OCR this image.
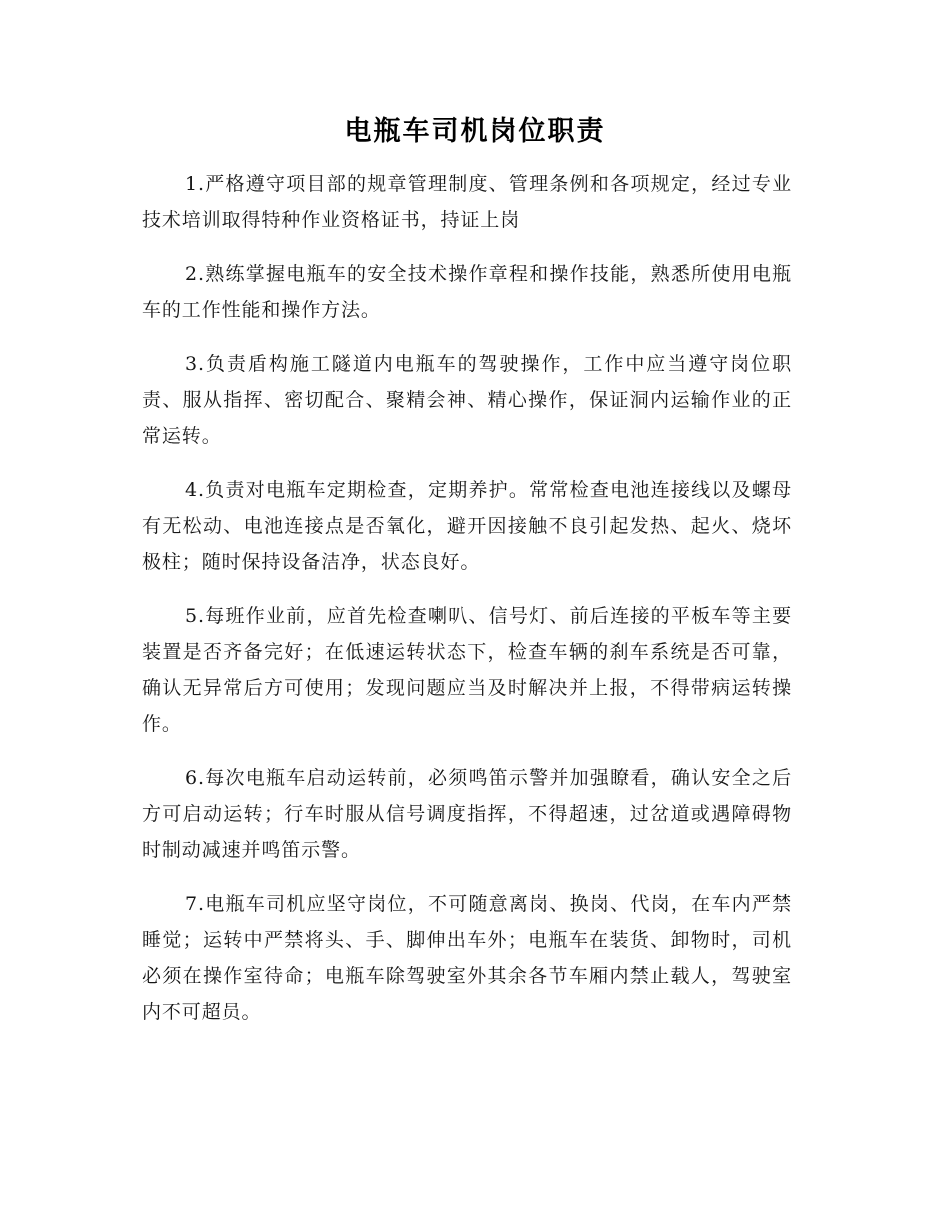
电瓶车司机岗位职责

1.严格遵守项目部的规章管理制度、管理条例和各项规定，经过专业技术培训取得特种作业资格证书，持证上岗

2.熟练掌握电瓶车的安全技术操作章程和操作技能，熟悉所使用电瓶车的工作性能和操作方法。

3.负责盾构施工隧道内电瓶车的驾驶操作，工作中应当遵守岗位职责、服从指挥、密切配合、聚精会神、精心操作，保证洞内运输作业的正常运转。

4.负责对电瓶车定期检查，定期养护。常常检查电池连接线以及螺母有无松动、电池连接点是否氧化，避开因接触不良引起发热、起火、烧坏极柱；随时保持设备洁净，状态良好。

5.每班作业前，应首先检查喇叭、信号灯、前后连接的平板车等主要装置是否齐备完好；在低速运转状态下，检查车辆的刹车系统是否可靠，确认无异常后方可使用；发现问题应当及时解决并上报，不得带病运转操作。

6.每次电瓶车启动运转前，必须鸣笛示警并加强瞭看，确认安全之后方可启动运转；行车时服从信号调度指挥，不得超速，过岔道或遇障碍物时制动减速并鸣笛示警。

7.电瓶车司机应坚守岗位，不可随意离岗、换岗、代岗，在车内严禁睡觉；运转中严禁将头、手、脚伸出车外；电瓶车在装货、卸物时，司机必须在操作室待命；电瓶车除驾驶室外其余各节车厢内禁止载人，驾驶室内不可超员。
